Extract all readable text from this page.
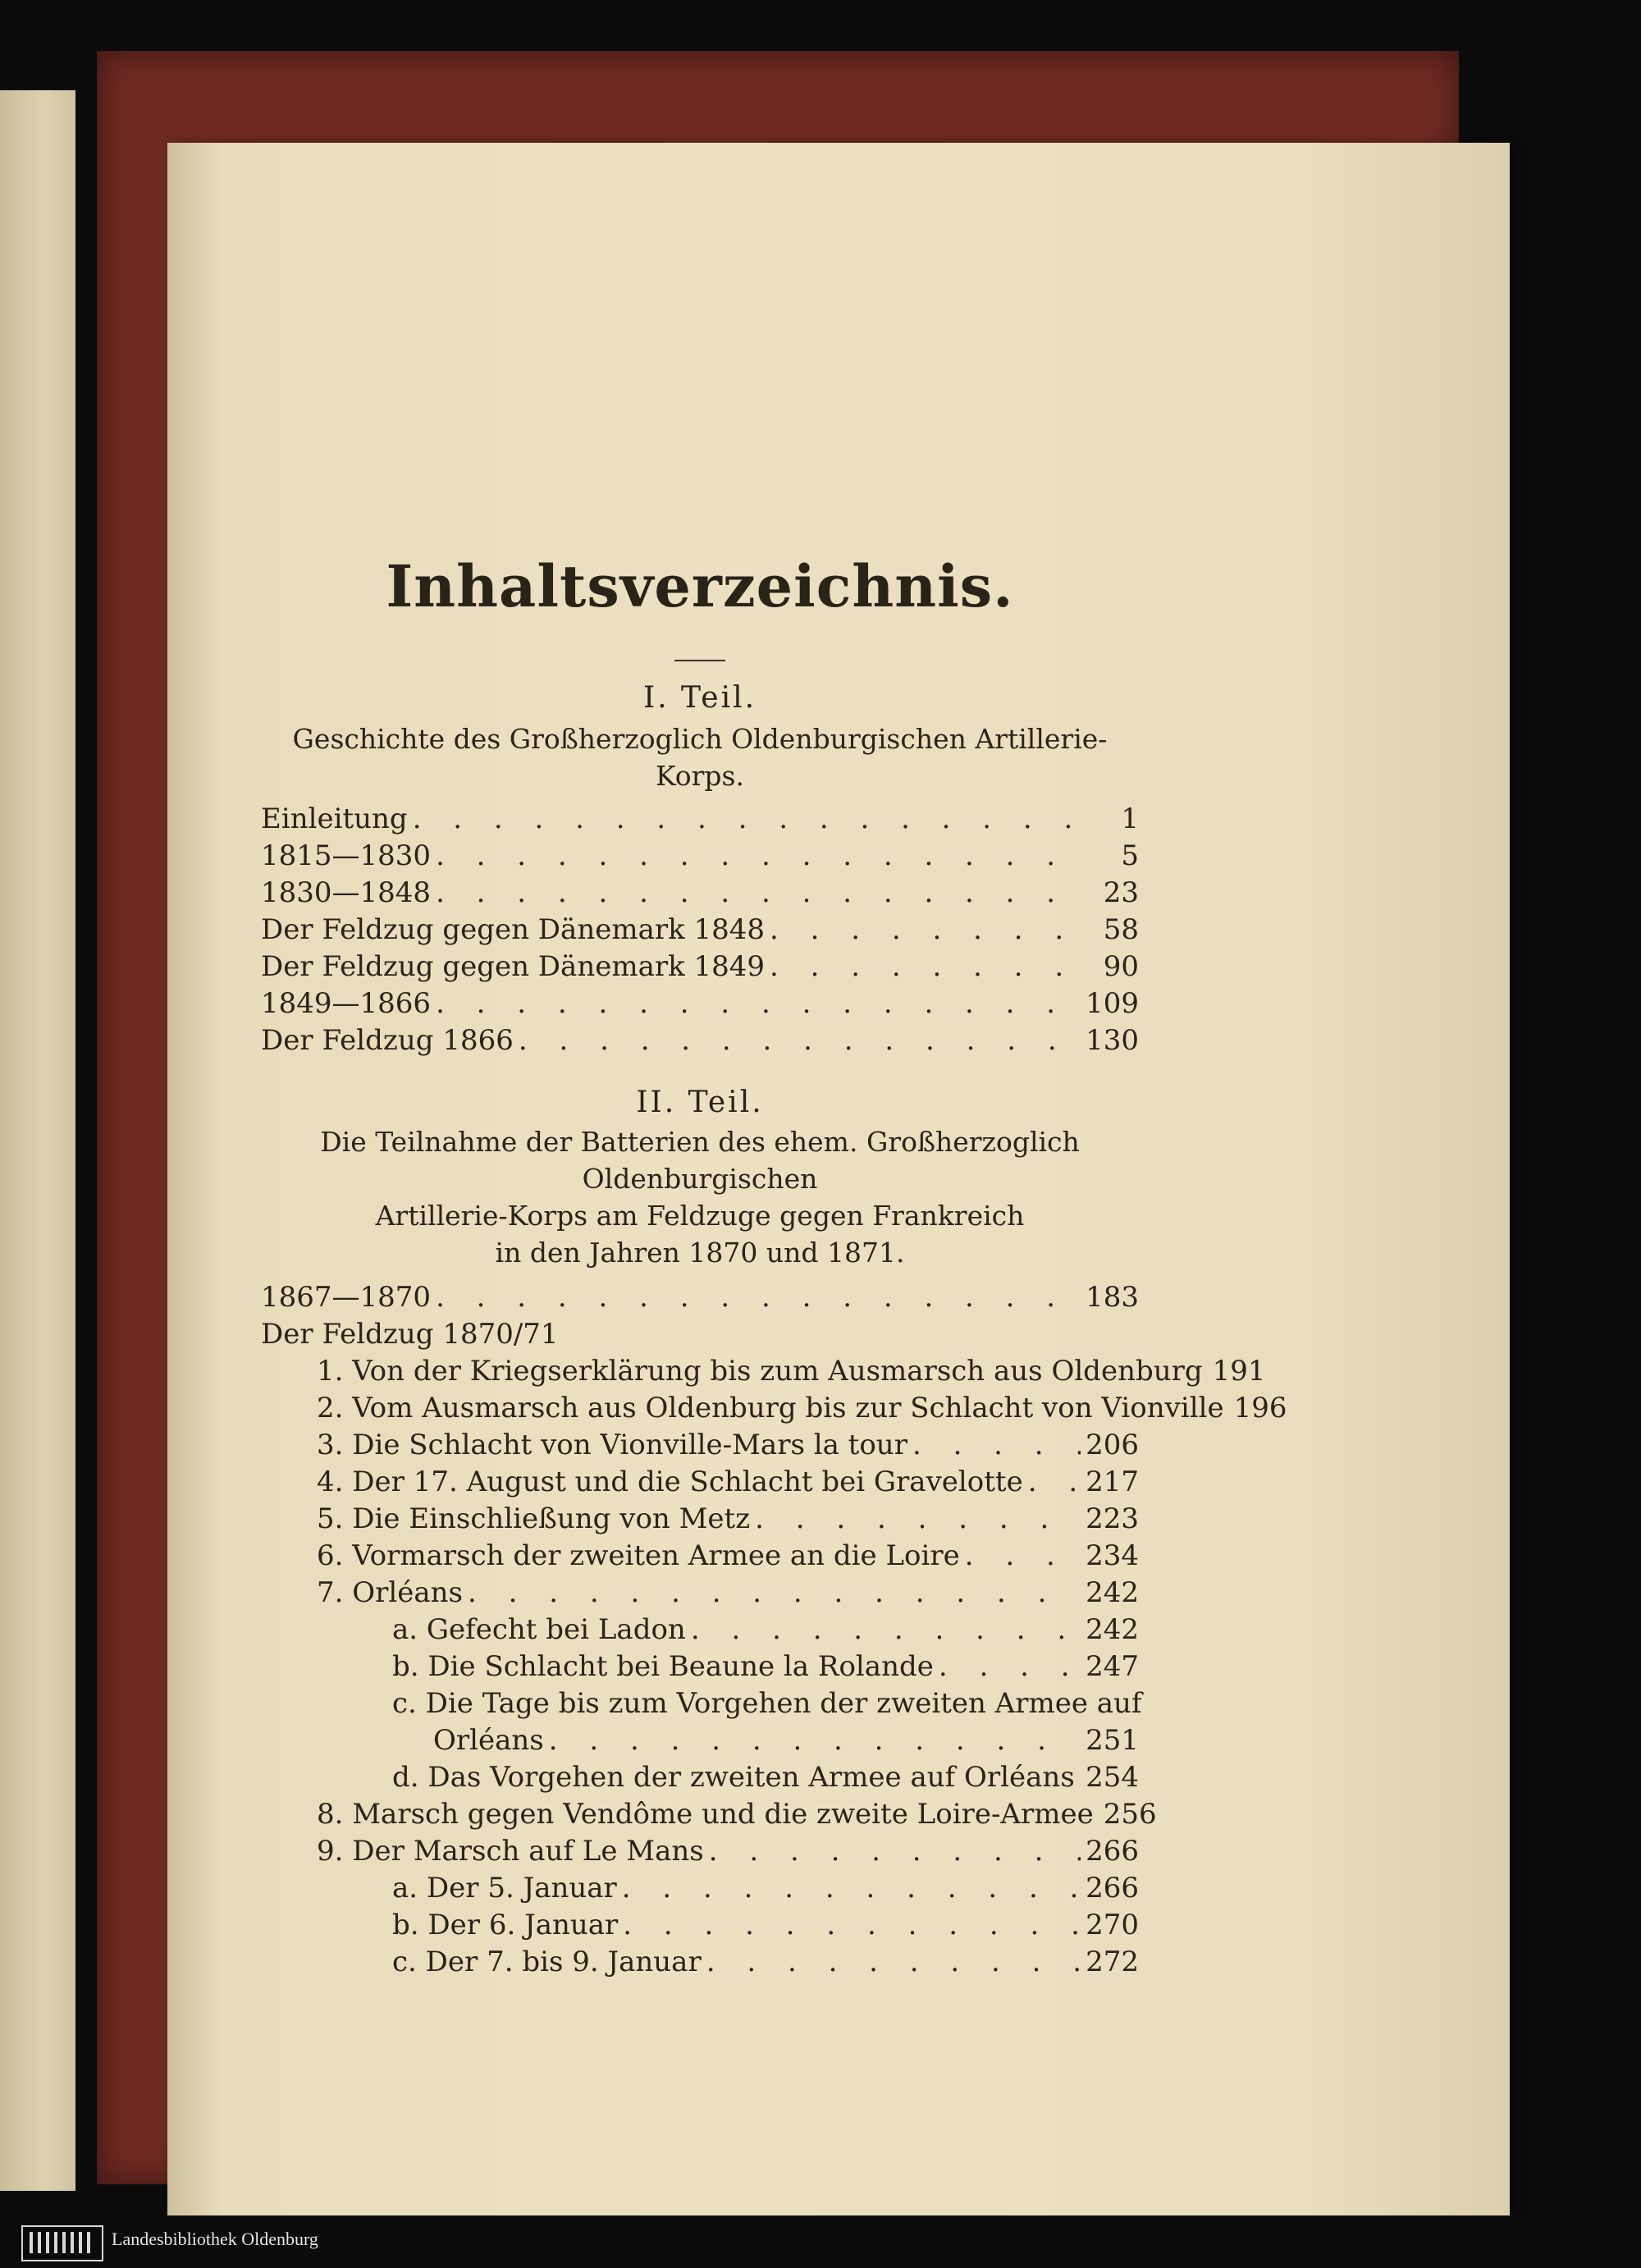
Inhaltsverzeichnis.
I. Teil.

Geschichte des Großherzoglich Oldenburgischen Artillerie-Korps.

Einleitung . . .	1
1815—1830 . . .	5
1830—1848 . . .	23
Der Feldzug gegen Dänemark 1848 . . .	58
Der Feldzug gegen Dänemark 1849 . . .	90
1849—1866 . . .	109
Der Feldzug 1866 . . .	130
II. Teil.

Die Teilnahme der Batterien des ehem. Großherzoglich Oldenburgischen

Artillerie-Korps am Feldzuge gegen Frankreich

in den Jahren 1870 und 1871.

1867—1870 . . .	183
Der Feldzug 1870/71
1. Von der Kriegserklärung bis zum Ausmarsch aus Oldenburg 191
2. Vom Ausmarsch aus Oldenburg bis zur Schlacht von Vionville 196
3. Die Schlacht von Vionville-Mars la tour . . .	206
4. Der 17. August und die Schlacht bei Gravelotte . . . 217
5. Die Einschließung von Metz . . .	223
6. Vormarsch der zweiten Armee an die Loire . . .	234
7. Orléans . . .	242
a. Gefecht bei Ladon . . .	242
b. Die Schlacht bei Beaune la Rolande . . .	247
c. Die Tage bis zum Vorgehen der zweiten Armee auf
Orléans . . .	251
d. Das Vorgehen der zweiten Armee auf Orléans . . . 254
8. Marsch gegen Vendôme und die zweite Loire-Armee 256
9. Der Marsch auf Le Mans . . .	266
a. Der 5. Januar . . .	266
b. Der 6. Januar . . .	270
c. Der 7. bis 9. Januar . . .	272
Landesbibliothek Oldenburg
